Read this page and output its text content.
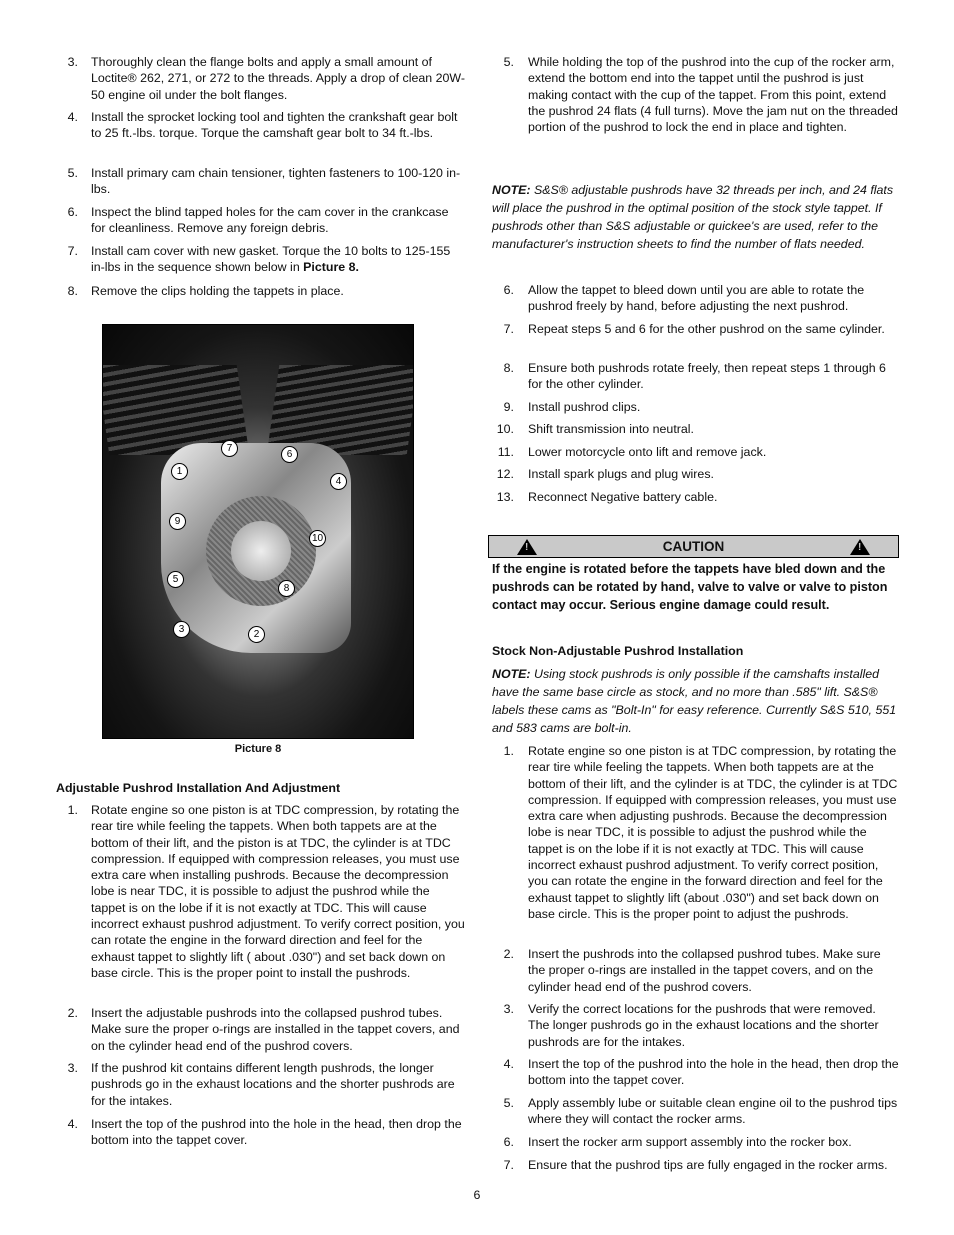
1
2
3
4
5
6
7
8
9
10
Picture 8
!	CAUTION	!
If the engine is rotated before the tappets have bled down and the pushrods can be rotated by hand, valve to valve or valve to piston contact may occur. Serious engine damage could result.
6
3. Thoroughly clean the flange bolts and apply a small amount of Loctite® 262, 271, or 272 to the threads. Apply a drop of clean 20W-50 engine oil under the bolt flanges.
4. Install the sprocket locking tool and tighten the crankshaft gear bolt to 25 ft.-lbs. torque. Torque the camshaft gear bolt to 34 ft.-lbs.
5. Install primary cam chain tensioner, tighten fasteners to 100-120 in-lbs.
6. Inspect the blind tapped holes for the cam cover in the crankcase for cleanliness. Remove any foreign debris.
7. Install cam cover with new gasket. Torque the 10 bolts to 125-155 in-lbs in the sequence shown below in Picture 8.
8. Remove the clips holding the tappets in place.
Adjustable Pushrod Installation And Adjustment
1. Rotate engine so one piston is at TDC compression, by rotating the rear tire while feeling the tappets. When both tappets are at the bottom of their lift, and the piston is at TDC, the cylinder is at TDC compression. If equipped with compression releases, you must use extra care when installing pushrods. Because the decompression lobe is near TDC, it is possible to adjust the pushrod while the tappet is on the lobe if it is not exactly at TDC. This will cause incorrect exhaust pushrod adjustment. To verify correct position, you can rotate the engine in the forward direction and feel for the exhaust tappet to slightly lift ( about .030") and set back down on base circle. This is the proper point to install the pushrods.
2. Insert the adjustable pushrods into the collapsed pushrod tubes. Make sure the proper o-rings are installed in the tappet covers, and on the cylinder head end of the pushrod covers.
3. If the pushrod kit contains different length pushrods, the longer pushrods go in the exhaust locations and the shorter pushrods are for the intakes.
4. Insert the top of the pushrod into the hole in the head, then drop the bottom into the tappet cover.
5. While holding the top of the pushrod into the cup of the rocker arm, extend the bottom end into the tappet until the pushrod is just making contact with the cup of the tappet. From this point, extend the pushrod 24 flats (4 full turns). Move the jam nut on the threaded portion of the pushrod to lock the end in place and tighten.
NOTE: S&S® adjustable pushrods have 32 threads per inch, and 24 flats will place the pushrod in the optimal position of the stock style tappet. If pushrods other than S&S adjustable or quickee's are used, refer to the manufacturer's instruction sheets to find the number of flats needed.
6. Allow the tappet to bleed down until you are able to rotate the pushrod freely by hand, before adjusting the next pushrod.
7. Repeat steps 5 and 6 for the other pushrod on the same cylinder.
8. Ensure both pushrods rotate freely, then repeat steps 1 through 6 for the other cylinder.
9. Install pushrod clips.
10. Shift transmission into neutral.
11. Lower motorcycle onto lift and remove jack.
12. Install spark plugs and plug wires.
13. Reconnect Negative battery cable.
Stock Non-Adjustable Pushrod Installation
NOTE: Using stock pushrods is only possible if the camshafts installed have the same base circle as stock, and no more than .585" lift. S&S® labels these cams as "Bolt-In" for easy reference. Currently S&S 510, 551 and 583 cams are bolt-in.
1. Rotate engine so one piston is at TDC compression, by rotating the rear tire while feeling the tappets. When both tappets are at the bottom of their lift, and the cylinder is at TDC, the cylinder is at TDC compression. If equipped with compression releases, you must use extra care when adjusting pushrods. Because the decompression lobe is near TDC, it is possible to adjust the pushrod while the tappet is on the lobe if it is not exactly at TDC. This will cause incorrect exhaust pushrod adjustment. To verify correct position, you can rotate the engine in the forward direction and feel for the exhaust tappet to slightly lift (about .030") and set back down on base circle. This is the proper point to adjust the pushrods.
2. Insert the pushrods into the collapsed pushrod tubes. Make sure the proper o-rings are installed in the tappet covers, and on the cylinder head end of the pushrod covers.
3. Verify the correct locations for the pushrods that were removed. The longer pushrods go in the exhaust locations and the shorter pushrods are for the intakes.
4. Insert the top of the pushrod into the hole in the head, then drop the bottom into the tappet cover.
5. Apply assembly lube or suitable clean engine oil to the pushrod tips where they will contact the rocker arms.
6. Insert the rocker arm support assembly into the rocker box.
7. Ensure that the pushrod tips are fully engaged in the rocker arms.
